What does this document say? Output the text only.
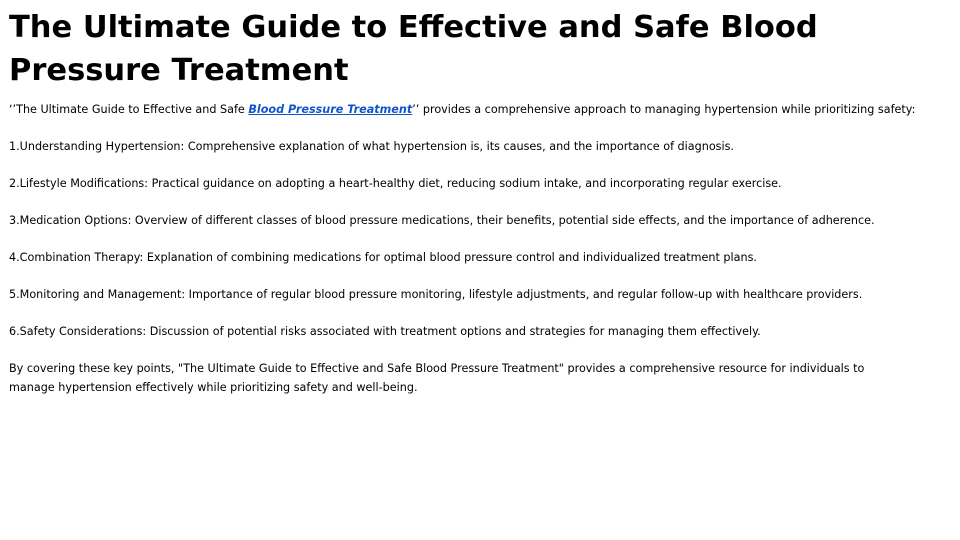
The Ultimate Guide to Effective and Safe Blood Pressure Treatment

‘’The Ultimate Guide to Effective and Safe Blood Pressure Treatment’’ provides a comprehensive approach to managing hypertension while prioritizing safety:

1.Understanding Hypertension: Comprehensive explanation of what hypertension is, its causes, and the importance of diagnosis.

2.Lifestyle Modifications: Practical guidance on adopting a heart-healthy diet, reducing sodium intake, and incorporating regular exercise.

3.Medication Options: Overview of different classes of blood pressure medications, their benefits, potential side effects, and the importance of adherence.

4.Combination Therapy: Explanation of combining medications for optimal blood pressure control and individualized treatment plans.

5.Monitoring and Management: Importance of regular blood pressure monitoring, lifestyle adjustments, and regular follow-up with healthcare providers.

6.Safety Considerations: Discussion of potential risks associated with treatment options and strategies for managing them effectively.

By covering these key points, "The Ultimate Guide to Effective and Safe Blood Pressure Treatment" provides a comprehensive resource for individuals to manage hypertension effectively while prioritizing safety and well-being.
